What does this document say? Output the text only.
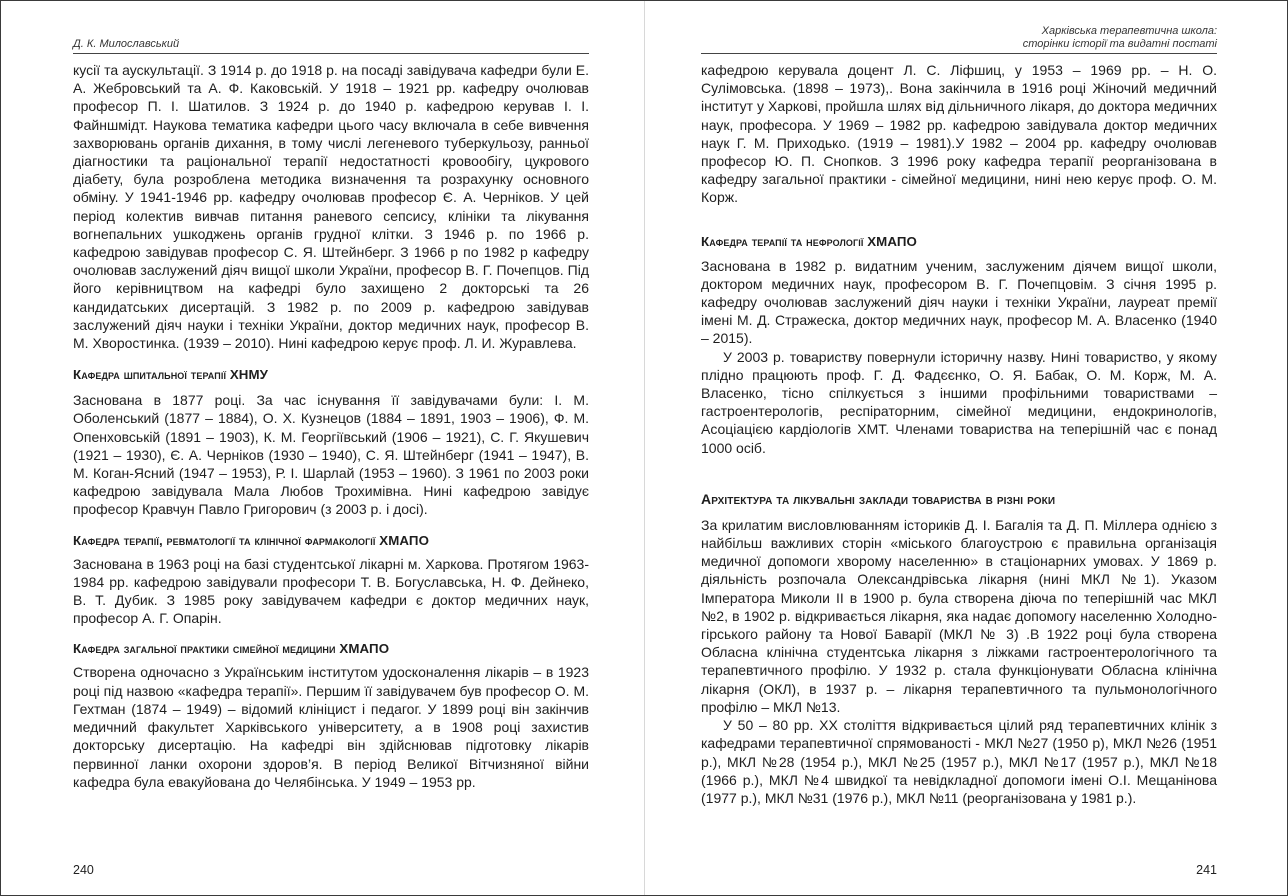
Д. К. Милославський

кусії та аускультації. З 1914 р. до 1918 р. на посаді завідувача кафедри були Е. А. Жебровський та А. Ф. Каковській. У 1918 – 1921 рр. кафедру очолював професор П. І. Шатилов. З 1924 р. до 1940 р. кафедрою керував І. І. Файншмідт. Наукова тематика кафедри цього часу включала в себе вивчення захворювань органів дихання, в тому числі легеневого туберкульозу, ранньої діагностики та раціональної терапії недостатності кровообігу, цукрового діабету, була розроблена методика визначення та розрахунку основного обміну. У 1941-1946 рр. кафедру очолював професор Є. А. Черніков. У цей період колектив вивчав питання раневого сепсису, клініки та лікування вогнепальних ушкоджень органів грудної клітки. З 1946 р. по 1966 р. кафедрою завідував професор С. Я. Штейнберг. З 1966 р по 1982 р кафедру очолював заслужений діяч вищої школи України, професор В. Г. Почепцов. Під його керівництвом на кафедрі було захищено 2 докторські та 26 кандидатських дисертацій. З 1982 р. по 2009 р. кафедрою завідував заслужений діяч науки і техніки України, доктор медичних наук, професор В. М. Хворостинка. (1939 – 2010). Нині кафедрою керує проф. Л. И. Журавлева.

Кафедра шпитальної терапії ХНМУ

Заснована в 1877 році. За час існування її завідувачами були: І. М. Оболенський (1877 – 1884), О. Х. Кузнецов (1884 – 1891, 1903 – 1906), Ф. М. Опенховській (1891 – 1903), К. М. Георгіївський (1906 – 1921), С. Г. Якушевич (1921 – 1930), Є. А. Черніков (1930 – 1940), С. Я. Штейнберг (1941 – 1947), В. М. Коган-Ясний (1947 – 1953), Р. І. Шарлай (1953 – 1960). З 1961 по 2003 роки кафедрою завідувала Мала Любов Трохимівна. Нині кафедрою завідує професор Кравчун Павло Григорович (з 2003 р. і досі).

Кафедра терапії, ревматології та клінічної фармакології ХМАПО

Заснована в 1963 році на базі студентської лікарні м. Харкова. Протягом 1963-1984 рр. кафедрою завідували професори Т. В. Богуславська, Н. Ф. Дейнеко, В. Т. Дубик. З 1985 року завідувачем кафедри є доктор медичних наук, професор А. Г. Опарін.

Кафедра загальної практики сімейної медицини ХМАПО

Створена одночасно з Українським інститутом удосконалення лікарів – в 1923 році під назвою «кафедра терапії». Першим її завідувачем був професор О. М. Гехтман (1874 – 1949) – відомий клініцист і педагог. У 1899 році він закінчив медичний факультет Харківського університету, а в 1908 році захистив докторську дисертацію. На кафедрі він здійснював підготовку лікарів первинної ланки охорони здоров’я. В період Великої Вітчизняної війни кафедра була евакуйована до Челябінська. У 1949 – 1953 рр.

240
Харківська терапевтична школа:
сторінки історії та видатні постаті

кафедрою керувала доцент Л. С. Ліфшиц, у 1953 – 1969 рр. – Н. О. Сулімовська. (1898 – 1973),. Вона закінчила в 1916 році Жіночий медичний інститут у Харкові, пройшла шлях від дільничного лікаря, до доктора медичних наук, професора. У 1969 – 1982 рр. кафедрою завідувала доктор медичних наук Г. М. Приходько. (1919 – 1981).У 1982 – 2004 рр. кафедру очолював професор Ю. П. Снопков. З 1996 року кафедра терапії реорганізована в кафедру загальної практики - сімейної медицини, нині нею керує проф. О. М. Корж.

Кафедра терапії та нефрології ХМАПО

Заснована в 1982 р. видатним ученим, заслуженим діячем вищої школи, доктором медичних наук, професором В. Г. Почепцовім. З січня 1995 р. кафедру очолював заслужений діяч науки і техніки України, лауреат премії імені М. Д. Стражеска, доктор медичних наук, професор М. А. Власенко (1940 – 2015).

У 2003 р. товариству повернули історичну назву. Нині товариство, у якому плідно працюють проф. Г. Д. Фадєєнко, О. Я. Бабак, О. М. Корж, М. А. Власенко, тісно спілкується з іншими профільними товариствами – гастроентерологів, респіраторним, сімейної медицини, ендокринологів, Асоціацією кардіологів ХМТ. Членами товариства на теперішній час є понад 1000 осіб.

Архітектура та лікувальні заклади товариства в різні роки

За крилатим висловлюванням істориків Д. І. Багалія та Д. П. Міллера однією з найбільш важливих сторін «міського благоустрою є правильна організація медичної допомоги хворому населенню» в стаціонарних умовах. У 1869 р. діяльність розпочала Олександрівська лікарня (нині МКЛ №1). Указом Імператора Миколи ІІ в 1900 р. була створена діюча по теперішній час МКЛ №2, в 1902 р. відкривається лікарня, яка надає допомогу населенню Холодно-гірського району та Нової Баварії (МКЛ № 3) .В 1922 році була створена Обласна клінічна студентська лікарня з ліжками гастроентерологічного та терапевтичного профілю. У 1932 р. стала функціонувати Обласна клінічна лікарня (ОКЛ), в 1937 р. – лікарня терапевтичного та пульмонологічного профілю – МКЛ №13.

У 50 – 80 рр. ХХ століття відкривається цілий ряд терапевтичних клінік з кафедрами терапевтичної спрямованості - МКЛ №27 (1950 р), МКЛ №26 (1951 р.), МКЛ №28 (1954 р.), МКЛ №25 (1957 р.), МКЛ №17 (1957 р.), МКЛ №18 (1966 р.), МКЛ №4 швидкої та невідкладної допомоги імені О.І. Мещанінова (1977 р.), МКЛ №31 (1976 р.), МКЛ №11 (реорганізована у 1981 р.).

241
